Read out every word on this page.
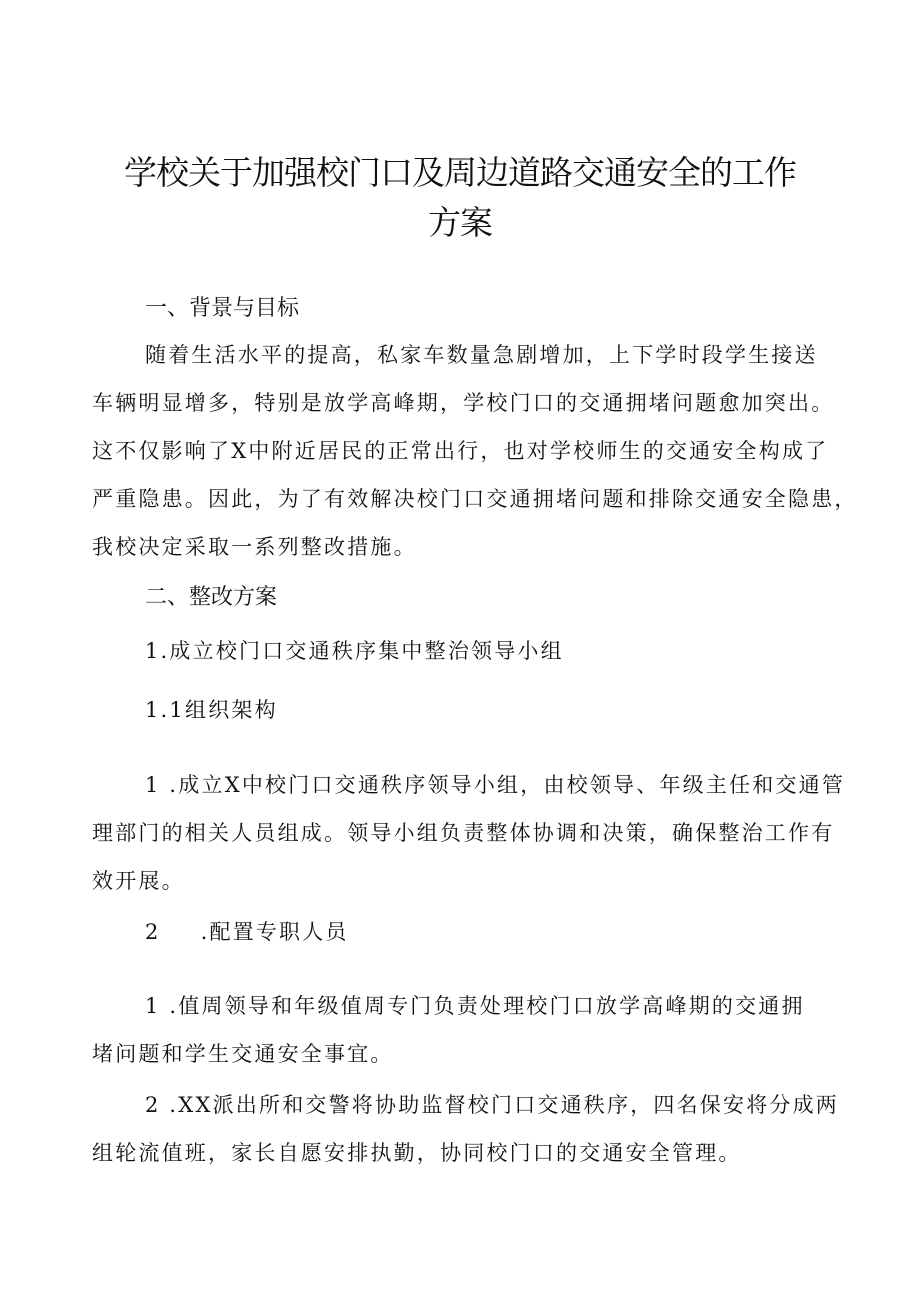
学校关于加强校门口及周边道路交通安全的工作
方案
一、背景与目标
随着生活水平的提高，私家车数量急剧增加，上下学时段学生接送
车辆明显增多，特别是放学高峰期，学校门口的交通拥堵问题愈加突出。
这不仅影响了X中附近居民的正常出行，也对学校师生的交通安全构成了
严重隐患。因此，为了有效解决校门口交通拥堵问题和排除交通安全隐患，
我校决定采取一系列整改措施。
二、整改方案
1.成立校门口交通秩序集中整治领导小组
1.1组织架构
1 .成立X中校门口交通秩序领导小组，由校领导、年级主任和交通管
理部门的相关人员组成。领导小组负责整体协调和决策，确保整治工作有
效开展。
2 .配置专职人员
1 .值周领导和年级值周专门负责处理校门口放学高峰期的交通拥
堵问题和学生交通安全事宜。
2 .XX派出所和交警将协助监督校门口交通秩序，四名保安将分成两
组轮流值班，家长自愿安排执勤，协同校门口的交通安全管理。
